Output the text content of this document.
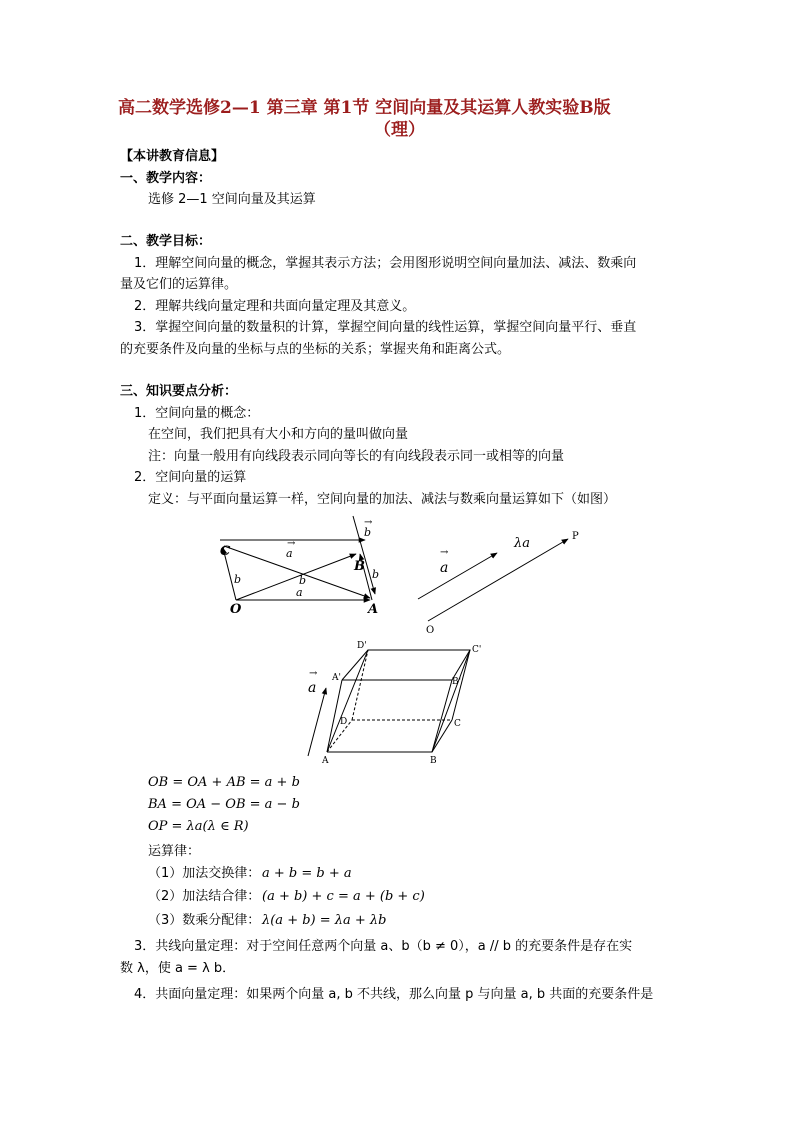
高二数学选修2—1 第三章 第1节 空间向量及其运算人教实验B版
（理）
【本讲教育信息】
一、教学内容：
选修 2—1 空间向量及其运算
二、教学目标：
1．理解空间向量的概念，掌握其表示方法；会用图形说明空间向量加法、减法、数乘向
量及它们的运算律。
2．理解共线向量定理和共面向量定理及其意义。
3．掌握空间向量的数量积的计算，掌握空间向量的线性运算，掌握空间向量平行、垂直
的充要条件及向量的坐标与点的坐标的关系；掌握夹角和距离公式。
三、知识要点分析：
1．空间向量的概念：
在空间，我们把具有大小和方向的量叫做向量
注：向量一般用有向线段表示同向等长的有向线段表示同一或相等的向量
2．空间向量的运算
定义：与平面向量运算一样，空间向量的加法、减法与数乘向量运算如下（如图）
C
O	A
B
a
a
b	b
b
b
→
→
a
→
λa	P
O
A	B
C
D
A'	B'
C'
D'
a
→
OB = OA + AB = a + b
BA = OA − OB = a − b
OP = λa(λ ∈ R)
运算律：
（1）加法交换律： a + b = b + a
（2）加法结合律： (a + b) + c = a + (b + c)
（3）数乘分配律： λ(a + b) = λa + λb
3．共线向量定理：对于空间任意两个向量 a、b（b ≠ 0），a // b 的充要条件是存在实
数 λ，使 a = λ b．
4．共面向量定理：如果两个向量 a, b 不共线，那么向量 p 与向量 a, b 共面的充要条件是
